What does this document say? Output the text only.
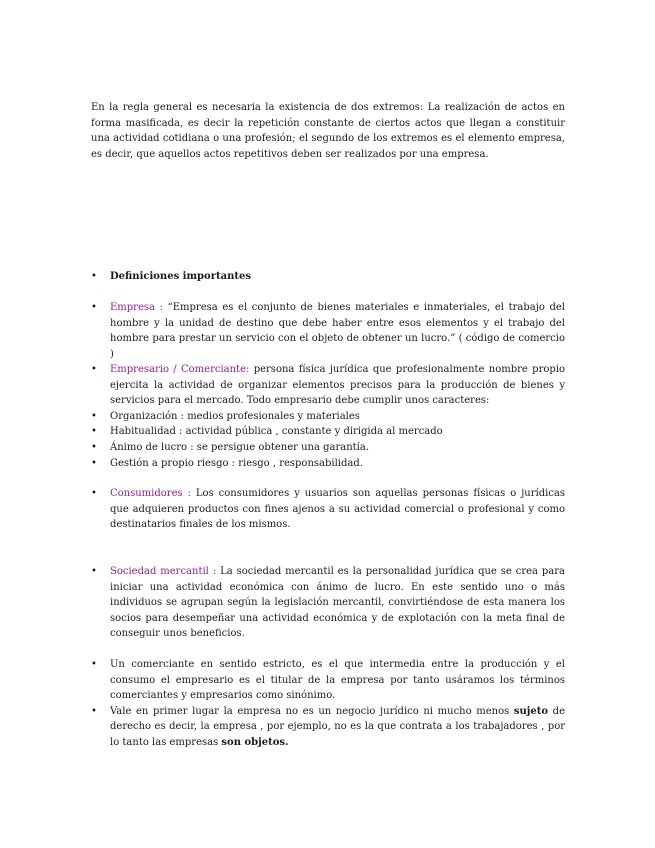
En la regla general es necesaria la existencia de dos extremos: La realización de actos en forma masificada, es decir la repetición constante de ciertos actos que llegan a constituir una actividad cotidiana o una profesión; el segundo de los extremos es el elemento empresa, es decir, que aquellos actos repetitivos deben ser realizados por una empresa.

•
Definiciones importantes
•
Empresa : “Empresa es el conjunto de bienes materiales e inmateriales, el trabajo del hombre y la unidad de destino que debe haber entre esos elementos y el trabajo del hombre para prestar un servicio con el objeto de obtener un lucro.” ( código de comercio )
•
Empresario / Comerciante: persona física jurídica que profesionalmente nombre propio ejercita la actividad de organizar elementos precisos para la producción de bienes y servicios para el mercado. Todo empresario debe cumplir unos caracteres:
•
Organización : medios profesionales y materiales
•
Habitualidad : actividad pública , constante y dirigida al mercado
•
Ánimo de lucro : se persigue obtener una garantía.
•
Gestión a propio riesgo : riesgo , responsabilidad.
•
Consumidores : Los consumidores y usuarios son aquellas personas físicas o jurídicas que adquieren productos con fines ajenos a su actividad comercial o profesional y como destinatarios finales de los mismos.
•
Sociedad mercantil : La sociedad mercantil es la personalidad jurídica que se crea para iniciar una actividad económica con ánimo de lucro. En este sentido uno o más individuos se agrupan según la legislación mercantil, convirtiéndose de esta manera los socios para desempeñar una actividad económica y de explotación con la meta final de conseguir unos beneficios.
•
Un comerciante en sentido estricto, es el que intermedia entre la producción y el consumo el empresario es el titular de la empresa por tanto usáramos los términos comerciantes y empresarios como sinónimo.
•
Vale en primer lugar la empresa no es un negocio jurídico ni mucho menos sujeto de derecho es decir, la empresa , por ejemplo, no es la que contrata a los trabajadores , por lo tanto las empresas son objetos.
